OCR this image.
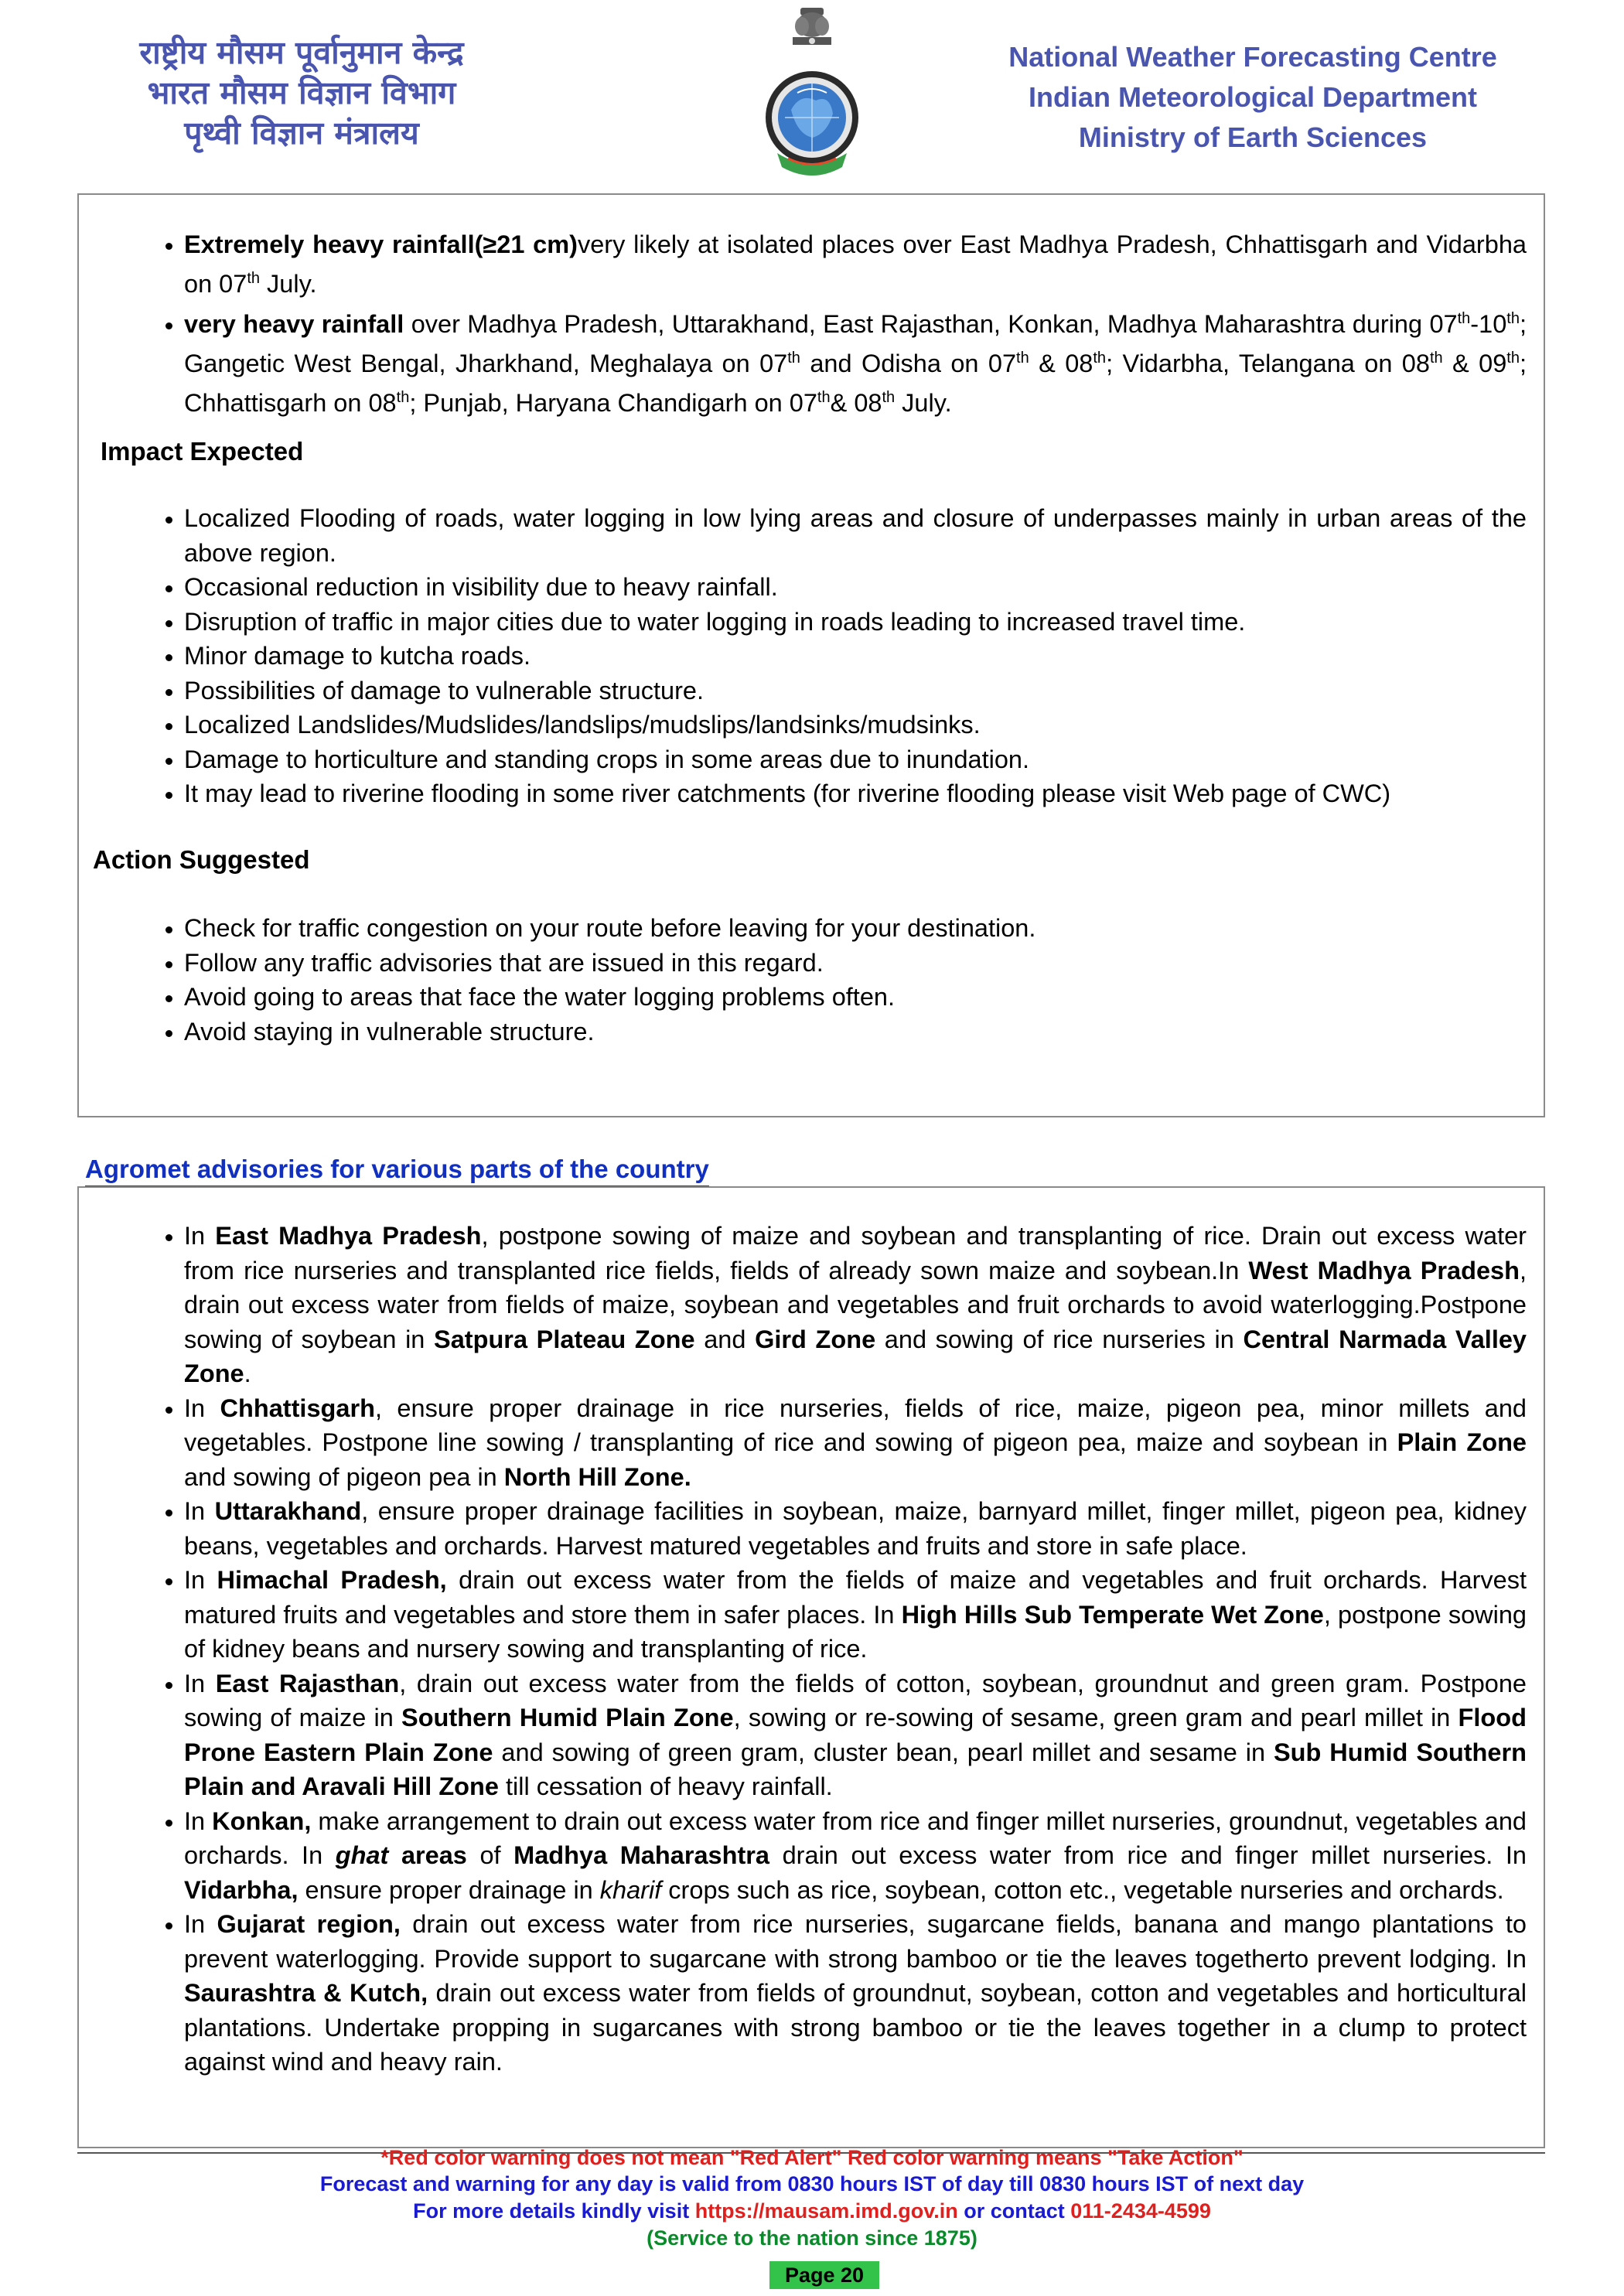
राष्ट्रीय मौसम पूर्वानुमान केन्द्र
भारत मौसम विज्ञान विभाग
पृथ्वी विज्ञान मंत्रालय
National Weather Forecasting Centre
Indian Meteorological Department
Ministry of Earth Sciences
• Extremely heavy rainfall(≥21 cm)very likely at isolated places over East Madhya Pradesh, Chhattisgarh and Vidarbha on 07th July.
• very heavy rainfall over Madhya Pradesh, Uttarakhand, East Rajasthan, Konkan, Madhya Maharashtra during 07th-10th; Gangetic West Bengal, Jharkhand, Meghalaya on 07th and Odisha on 07th & 08th; Vidarbha, Telangana on 08th & 09th; Chhattisgarh on 08th; Punjab, Haryana Chandigarh on 07th& 08th July.
Impact Expected
• Localized Flooding of roads, water logging in low lying areas and closure of underpasses mainly in urban areas of the above region.
• Occasional reduction in visibility due to heavy rainfall.
• Disruption of traffic in major cities due to water logging in roads leading to increased travel time.
• Minor damage to kutcha roads.
• Possibilities of damage to vulnerable structure.
• Localized Landslides/Mudslides/landslips/mudslips/landsinks/mudsinks.
• Damage to horticulture and standing crops in some areas due to inundation.
• It may lead to riverine flooding in some river catchments (for riverine flooding please visit Web page of CWC)
Action Suggested
• Check for traffic congestion on your route before leaving for your destination.
• Follow any traffic advisories that are issued in this regard.
• Avoid going to areas that face the water logging problems often.
• Avoid staying in vulnerable structure.
Agromet advisories for various parts of the country
• In East Madhya Pradesh, postpone sowing of maize and soybean and transplanting of rice. Drain out excess water from rice nurseries and transplanted rice fields, fields of already sown maize and soybean.In West Madhya Pradesh, drain out excess water from fields of maize, soybean and vegetables and fruit orchards to avoid waterlogging.Postpone sowing of soybean in Satpura Plateau Zone and Gird Zone and sowing of rice nurseries in Central Narmada Valley Zone.
• In Chhattisgarh, ensure proper drainage in rice nurseries, fields of rice, maize, pigeon pea, minor millets and vegetables. Postpone line sowing / transplanting of rice and sowing of pigeon pea, maize and soybean in Plain Zone and sowing of pigeon pea in North Hill Zone.
• In Uttarakhand, ensure proper drainage facilities in soybean, maize, barnyard millet, finger millet, pigeon pea, kidney beans, vegetables and orchards. Harvest matured vegetables and fruits and store in safe place.
• In Himachal Pradesh, drain out excess water from the fields of maize and vegetables and fruit orchards. Harvest matured fruits and vegetables and store them in safer places. In High Hills Sub Temperate Wet Zone, postpone sowing of kidney beans and nursery sowing and transplanting of rice.
• In East Rajasthan, drain out excess water from the fields of cotton, soybean, groundnut and green gram. Postpone sowing of maize in Southern Humid Plain Zone, sowing or re-sowing of sesame, green gram and pearl millet in Flood Prone Eastern Plain Zone and sowing of green gram, cluster bean, pearl millet and sesame in Sub Humid Southern Plain and Aravali Hill Zone till cessation of heavy rainfall.
• In Konkan, make arrangement to drain out excess water from rice and finger millet nurseries, groundnut, vegetables and orchards. In ghat areas of Madhya Maharashtra drain out excess water from rice and finger millet nurseries. In Vidarbha, ensure proper drainage in kharif crops such as rice, soybean, cotton etc., vegetable nurseries and orchards.
• In Gujarat region, drain out excess water from rice nurseries, sugarcane fields, banana and mango plantations to prevent waterlogging. Provide support to sugarcane with strong bamboo or tie the leaves togetherto prevent lodging. In Saurashtra & Kutch, drain out excess water from fields of groundnut, soybean, cotton and vegetables and horticultural plantations. Undertake propping in sugarcanes with strong bamboo or tie the leaves together in a clump to protect against wind and heavy rain.
*Red color warning does not mean "Red Alert" Red color warning means "Take Action"
Forecast and warning for any day is valid from 0830 hours IST of day till 0830 hours IST of next day
For more details kindly visit https://mausam.imd.gov.in or contact 011-2434-4599
(Service to the nation since 1875)
Page 20
